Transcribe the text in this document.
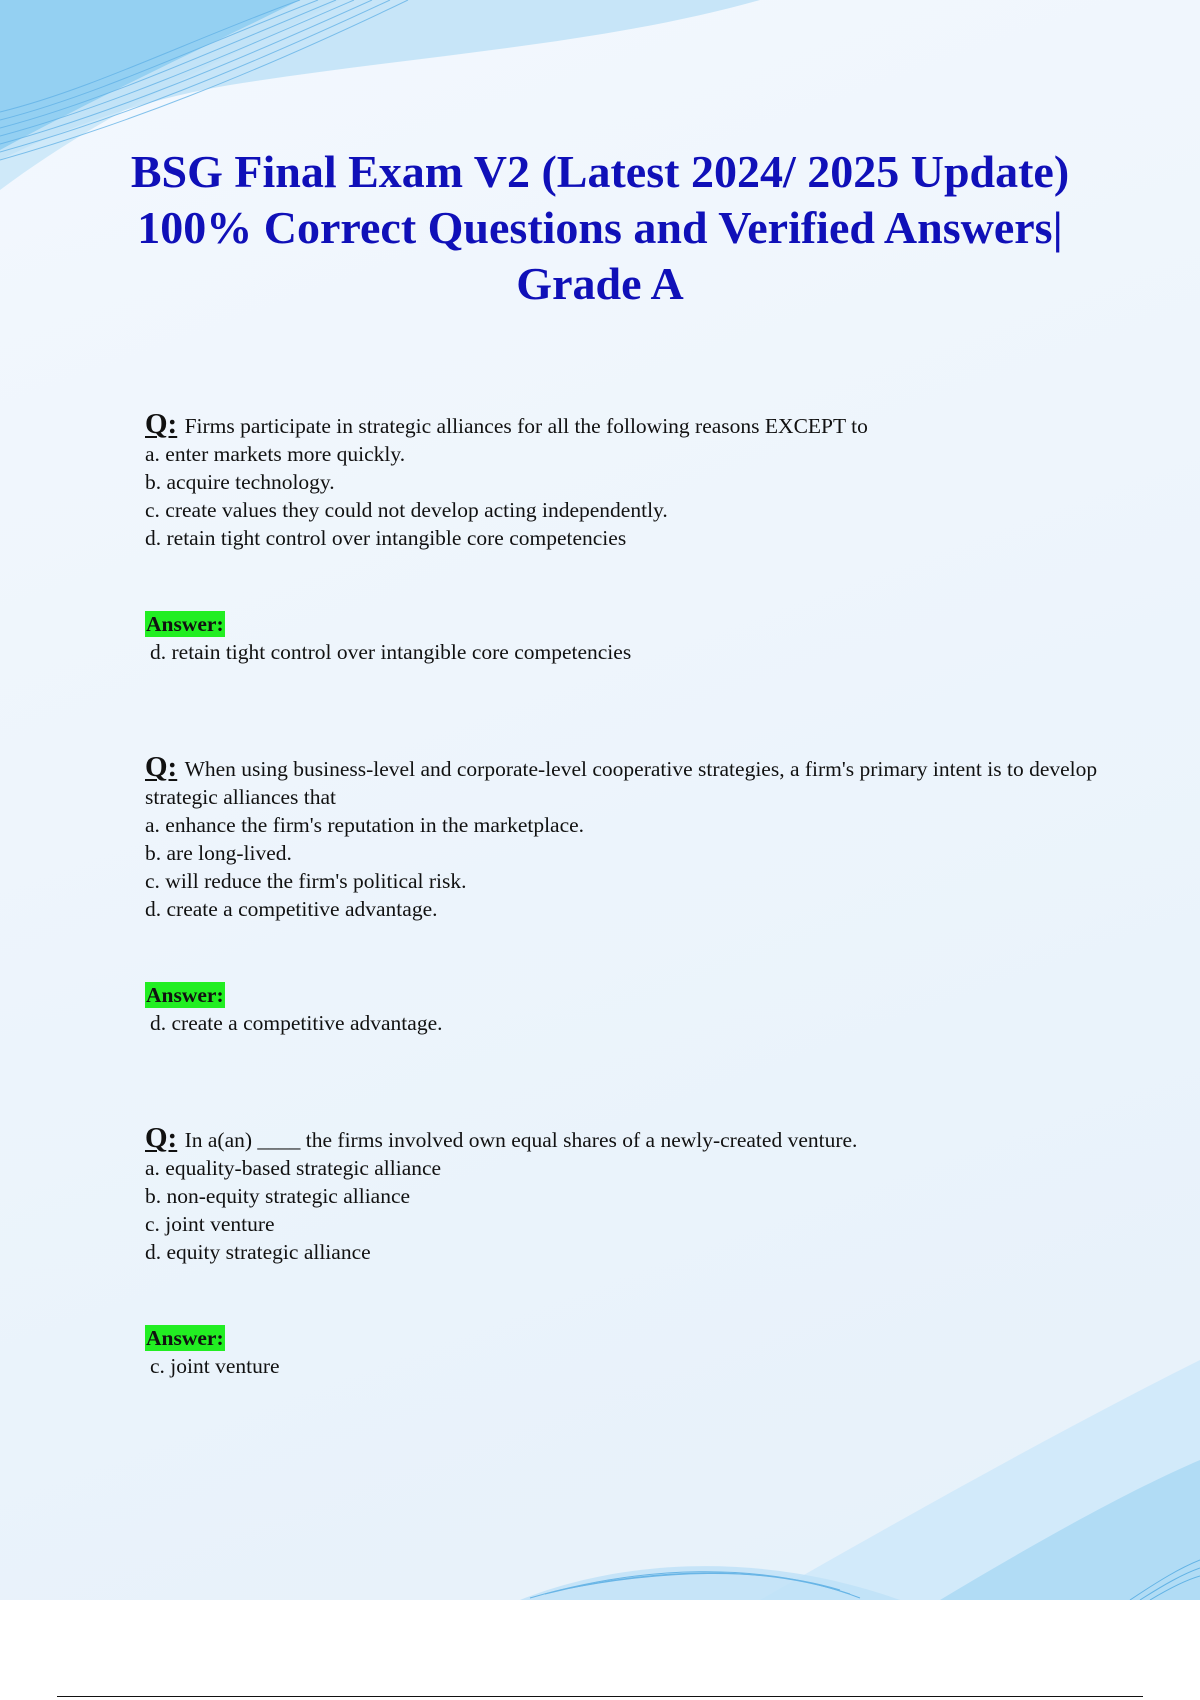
BSG Final Exam V2 (Latest 2024/ 2025 Update) 100% Correct Questions and Verified Answers| Grade A
Q: Firms participate in strategic alliances for all the following reasons EXCEPT to
a. enter markets more quickly.
b. acquire technology.
c. create values they could not develop acting independently.
d. retain tight control over intangible core competencies
Answer:
d. retain tight control over intangible core competencies
Q: When using business-level and corporate-level cooperative strategies, a firm's primary intent is to develop strategic alliances that
a. enhance the firm's reputation in the marketplace.
b. are long-lived.
c. will reduce the firm's political risk.
d. create a competitive advantage.
Answer:
d. create a competitive advantage.
Q: In a(an) ____ the firms involved own equal shares of a newly-created venture.
a. equality-based strategic alliance
b. non-equity strategic alliance
c. joint venture
d. equity strategic alliance
Answer:
c. joint venture
